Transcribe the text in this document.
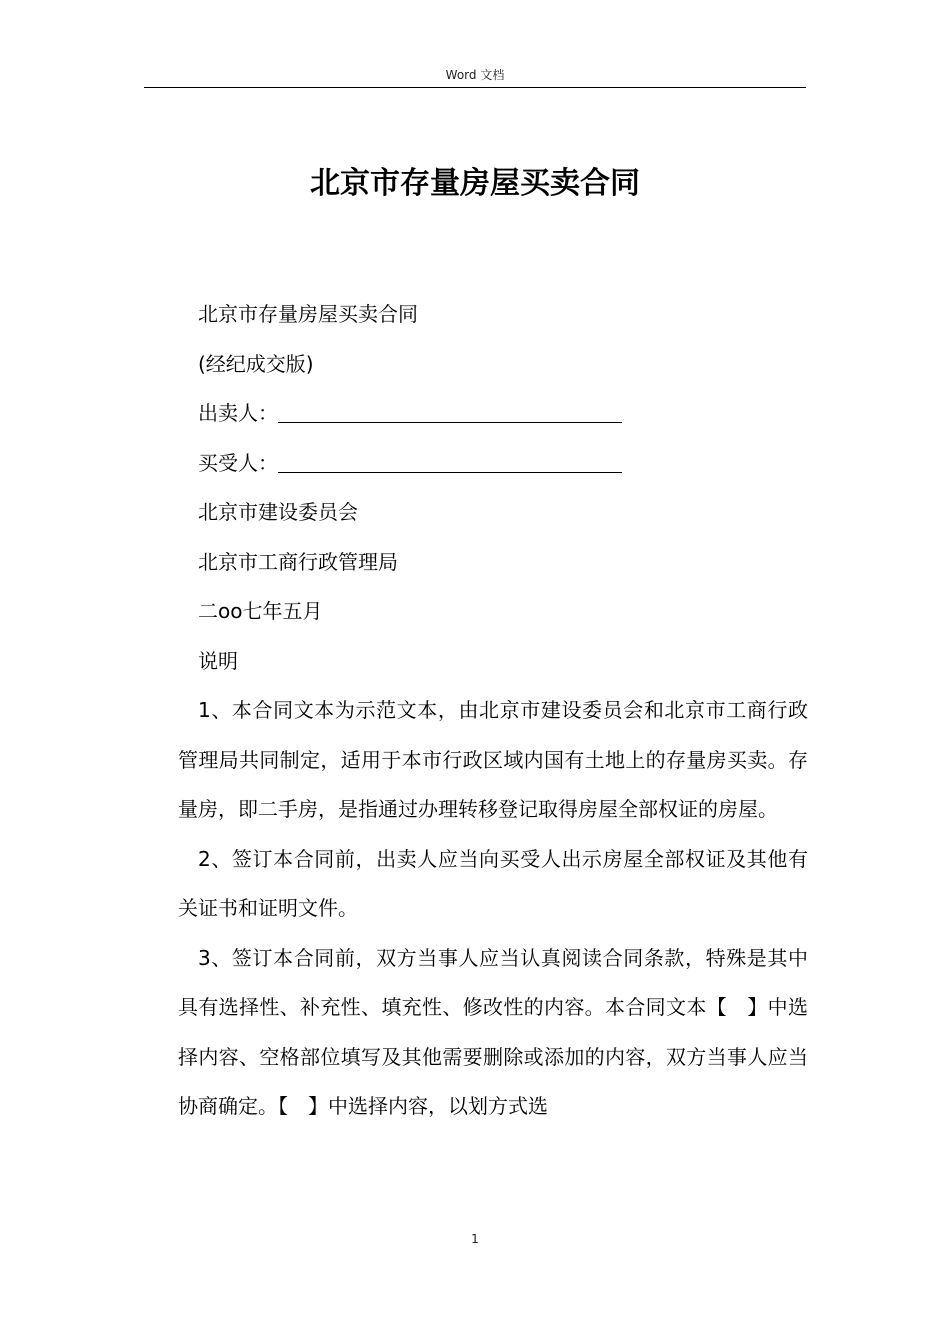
Word 文档
北京市存量房屋买卖合同

北京市存量房屋买卖合同

(经纪成交版)

出卖人：

买受人：

北京市建设委员会

北京市工商行政管理局

二oo七年五月

说明

1、本合同文本为示范文本，由北京市建设委员会和北京市工商行政管理局共同制定，适用于本市行政区域内国有土地上的存量房买卖。存量房，即二手房，是指通过办理转移登记取得房屋全部权证的房屋。

2、签订本合同前，出卖人应当向买受人出示房屋全部权证及其他有关证书和证明文件。

3、签订本合同前，双方当事人应当认真阅读合同条款，特殊是其中具有选择性、补充性、填充性、修改性的内容。本合同文本【　】中选择内容、空格部位填写及其他需要删除或添加的内容，双方当事人应当协商确定。【　】中选择内容，以划方式选

1
